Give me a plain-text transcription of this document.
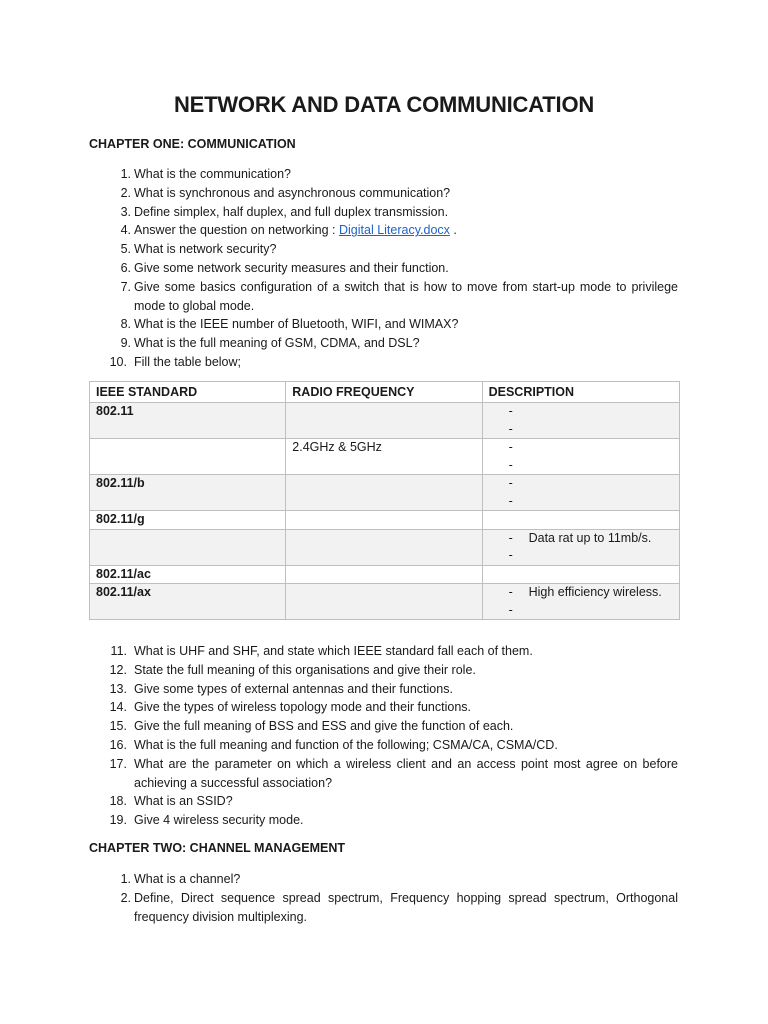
NETWORK AND DATA COMMUNICATION
CHAPTER ONE: COMMUNICATION
1. What is the communication?
2. What is synchronous and asynchronous communication?
3. Define simplex, half duplex, and full duplex transmission.
4. Answer the question on networking : Digital Literacy.docx .
5. What is network security?
6. Give some network security measures and their function.
7. Give some basics configuration of a switch that is how to move from start-up mode to privilege mode to global mode.
8. What is the IEEE number of Bluetooth, WIFI, and WIMAX?
9. What is the full meaning of GSM, CDMA, and DSL?
10. Fill the table below;
IEEE STANDARD	RADIO FREQUENCY	DESCRIPTION

802.11		-
-

	2.4GHz & 5GHz	-
-

802.11/b		-
-

802.11/g		

		- Data rat up to 11mb/s.
-

802.11/ac		

802.11/ax		- High efficiency wireless.
-
11. What is UHF and SHF, and state which IEEE standard fall each of them.
12. State the full meaning of this organisations and give their role.
13. Give some types of external antennas and their functions.
14. Give the types of wireless topology mode and their functions.
15. Give the full meaning of BSS and ESS and give the function of each.
16. What is the full meaning and function of the following; CSMA/CA, CSMA/CD.
17. What are the parameter on which a wireless client and an access point most agree on before achieving a successful association?
18. What is an SSID?
19. Give 4 wireless security mode.
CHAPTER TWO: CHANNEL MANAGEMENT
1. What is a channel?
2. Define, Direct sequence spread spectrum, Frequency hopping spread spectrum, Orthogonal frequency division multiplexing.
